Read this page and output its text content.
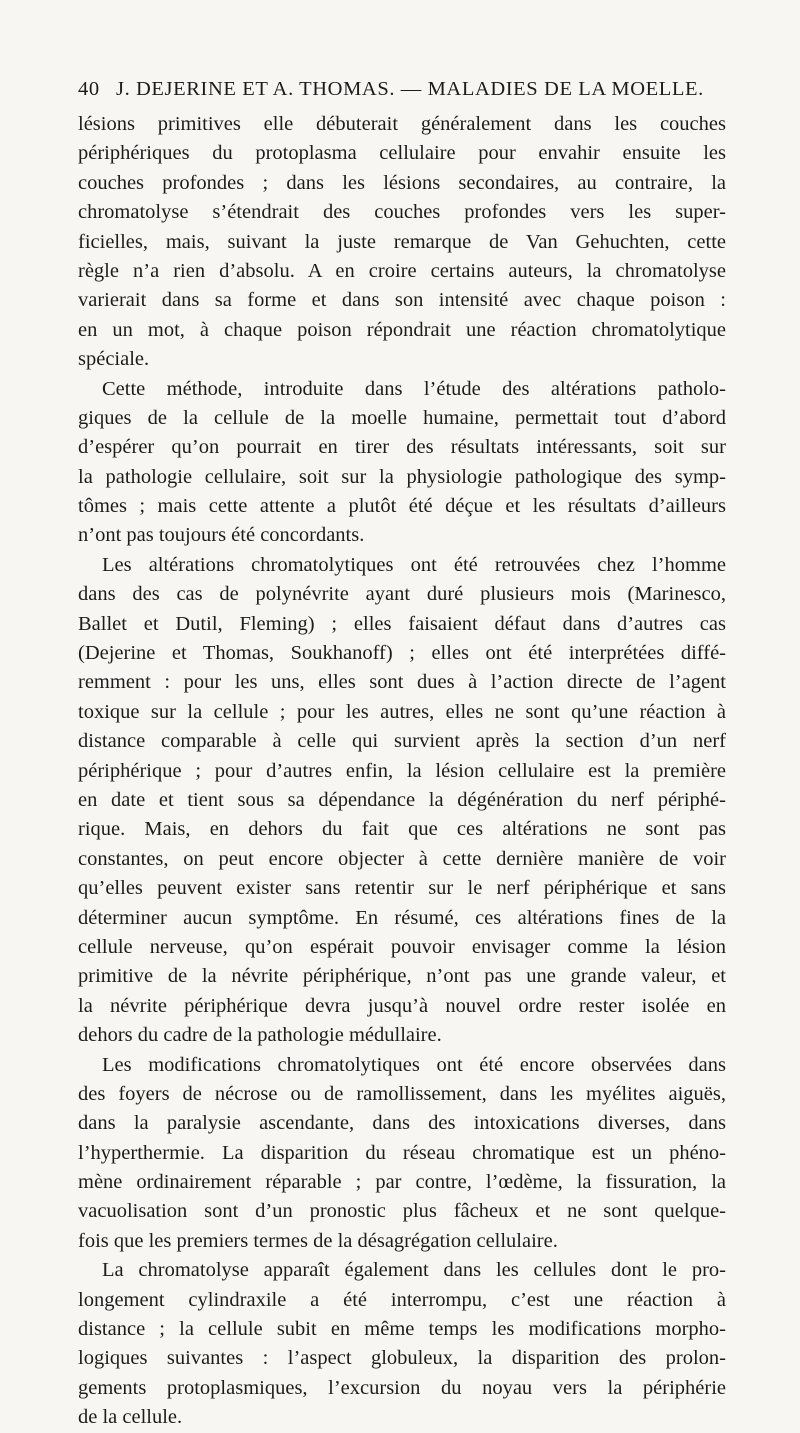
40 J. DEJERINE ET A. THOMAS. — MALADIES DE LA MOELLE.
lésions primitives elle débuterait généralement dans les couches
périphériques du protoplasma cellulaire pour envahir ensuite les
couches profondes ; dans les lésions secondaires, au contraire, la
chromatolyse s’étendrait des couches profondes vers les super-
ficielles, mais, suivant la juste remarque de Van Gehuchten, cette
règle n’a rien d’absolu. A en croire certains auteurs, la chromatolyse
varierait dans sa forme et dans son intensité avec chaque poison :
en un mot, à chaque poison répondrait une réaction chromatolytique
spéciale.
Cette méthode, introduite dans l’étude des altérations patholo-
giques de la cellule de la moelle humaine, permettait tout d’abord
d’espérer qu’on pourrait en tirer des résultats intéressants, soit sur
la pathologie cellulaire, soit sur la physiologie pathologique des symp-
tômes ; mais cette attente a plutôt été déçue et les résultats d’ailleurs
n’ont pas toujours été concordants.
Les altérations chromatolytiques ont été retrouvées chez l’homme
dans des cas de polynévrite ayant duré plusieurs mois (Marinesco,
Ballet et Dutil, Fleming) ; elles faisaient défaut dans d’autres cas
(Dejerine et Thomas, Soukhanoff) ; elles ont été interprétées diffé-
remment : pour les uns, elles sont dues à l’action directe de l’agent
toxique sur la cellule ; pour les autres, elles ne sont qu’une réaction à
distance comparable à celle qui survient après la section d’un nerf
périphérique ; pour d’autres enfin, la lésion cellulaire est la première
en date et tient sous sa dépendance la dégénération du nerf périphé-
rique. Mais, en dehors du fait que ces altérations ne sont pas
constantes, on peut encore objecter à cette dernière manière de voir
qu’elles peuvent exister sans retentir sur le nerf périphérique et sans
déterminer aucun symptôme. En résumé, ces altérations fines de la
cellule nerveuse, qu’on espérait pouvoir envisager comme la lésion
primitive de la névrite périphérique, n’ont pas une grande valeur, et
la névrite périphérique devra jusqu’à nouvel ordre rester isolée en
dehors du cadre de la pathologie médullaire.
Les modifications chromatolytiques ont été encore observées dans
des foyers de nécrose ou de ramollissement, dans les myélites aiguës,
dans la paralysie ascendante, dans des intoxications diverses, dans
l’hyperthermie. La disparition du réseau chromatique est un phéno-
mène ordinairement réparable ; par contre, l’œdème, la fissuration, la
vacuolisation sont d’un pronostic plus fâcheux et ne sont quelque-
fois que les premiers termes de la désagrégation cellulaire.
La chromatolyse apparaît également dans les cellules dont le pro-
longement cylindraxile a été interrompu, c’est une réaction à
distance ; la cellule subit en même temps les modifications morpho-
logiques suivantes : l’aspect globuleux, la disparition des prolon-
gements protoplasmiques, l’excursion du noyau vers la périphérie
de la cellule.
